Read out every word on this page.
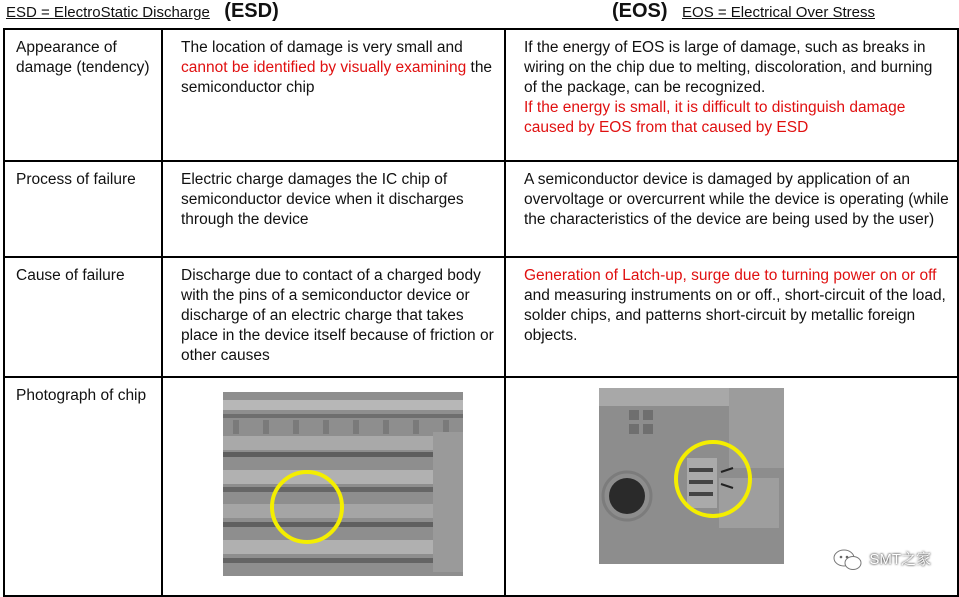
ESD = ElectroStatic Discharge (ESD)	(EOS) EOS = Electrical Over Stress
Appearance of damage (tendency)	The location of damage is very small and cannot be identified by visually examining the semiconductor chip	If the energy of EOS is large of damage, such as breaks in wiring on the chip due to melting, discoloration, and burning of the package, can be recognized.
If the energy is small, it is difficult to distinguish damage caused by EOS from that caused by ESD

Process of failure	Electric charge damages the IC chip of semiconductor device when it discharges through the device	A semiconductor device is damaged by application of an overvoltage or overcurrent while the device is operating (while the characteristics of the device are being used by the user)

Cause of failure	Discharge due to contact of a charged body with the pins of a semiconductor device or discharge of an electric charge that takes place in the device itself because of friction or other causes	Generation of Latch-up, surge due to turning power on or off and measuring instruments on or off., short-circuit of the load, solder chips, and patterns short-circuit by metallic foreign objects.

Photograph of chip		SMT之家
